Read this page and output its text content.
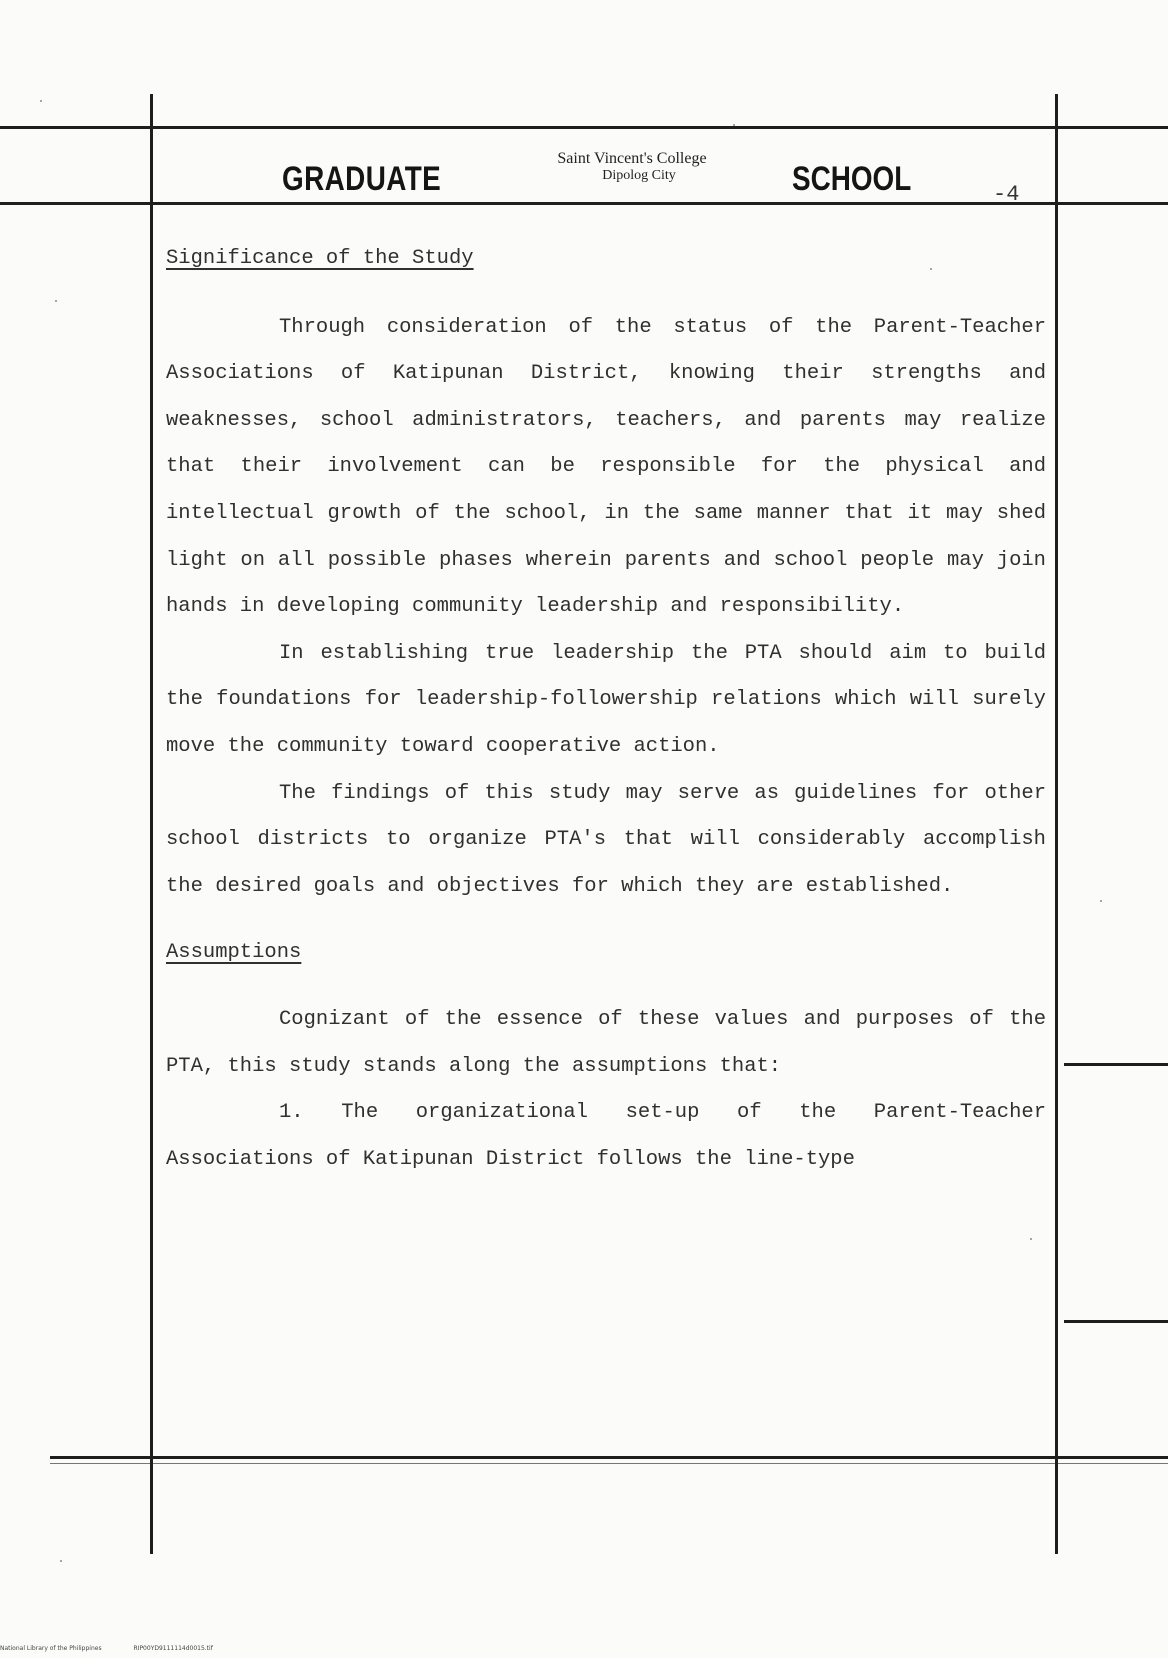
GRADUATE
Saint Vincent's College
Dipolog City	SCHOOL	-4

Significance of the Study

Through consideration of the status of the Parent-Teacher Associations of Katipunan District, knowing their strengths and weaknesses, school administrators, teachers, and parents may realize that their involvement can be responsible for the physical and intellectual growth of the school, in the same manner that it may shed light on all possible phases wherein parents and school people may join hands in developing community leadership and responsibility.

In establishing true leadership the PTA should aim to build the foundations for leadership-followership relations which will surely move the community toward cooperative action.

The findings of this study may serve as guidelines for other school districts to organize PTA's that will considerably accomplish the desired goals and objectives for which they are established.

Assumptions

Cognizant of the essence of these values and purposes of the PTA, this study stands along the assumptions that:

1. The organizational set-up of the Parent-Teacher Associations of Katipunan District follows the line-type

National Library of the Philippines	RIP00YD9111114d0015.tif
